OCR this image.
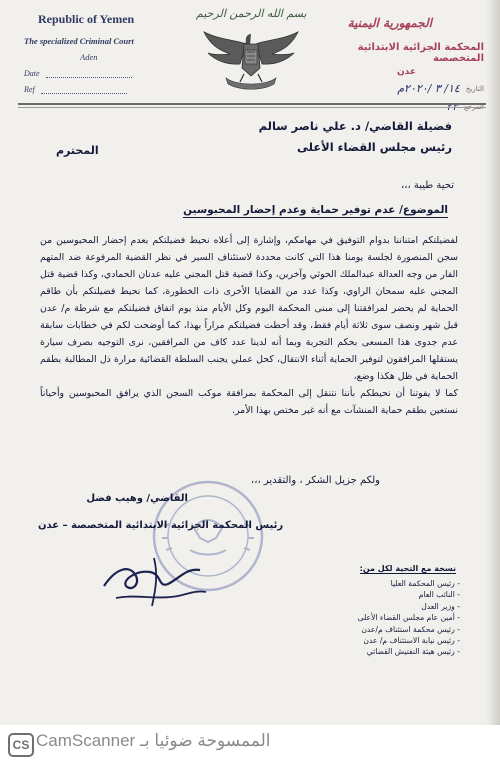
Republic of Yemen
The specialized Criminal Court
Aden
Date
Ref
بسم الله الرحمن الرحيم
الجمهورية اليمنية
المحكمة الجزائية الابتدائية المتخصصة
عدن
التاريخ
١٤/ ٣ /٢٠٢٠م
المرجع
٢٣
فضيلة القاضي/ د. علي ناصر سالم
رئيس مجلس القضاء الأعلى
المحترم
تحية طيبة ،،،
الموضوع/ عدم توفير حماية وعدم إحضار المحبوسين

لفضيلتكم امتناننا بدوام التوفيق في مهامكم، وإشارة إلى أعلاه نحيط فضيلتكم بعدم إحضار المحبوسين من سجن المنصورة لجلسة يومنا هذا التي كانت محددة لاستئناف السير في نظر القضية المرفوعة ضد المتهم الفار من وجه العدالة عبدالملك الحوثي وآخرين، وكذا قضية قتل المجني عليه عدنان الحمادي، وكذا قضية قتل المجني عليه سمحان الراوي، وكذا عدد من القضايا الأخرى ذات الخطورة، كما نحيط فضيلتكم بأن طاقم الحماية لم يحضر لمرافقتنا إلى مبنى المحكمة اليوم وكل الأيام منذ يوم اتفاق فضيلتكم مع شرطة م/ عدن قبل شهر ونصف سوى ثلاثة أيام فقط، وقد أحطت فضيلتكم مراراً بهذا، كما أوضحت لكم في خطابات سابقة عدم جدوى هذا المسعى بحكم التجربة وبما أنه لدينا عدد كاف من المرافقين، نرى التوجيه بصرف سيارة يستقلها المرافقون لتوفير الحماية أثناء الانتقال، كحل عملي يجنب السلطة القضائية مرارة ذل المطالبة بطقم الحماية في ظل هكذا وضع،

كما لا يفوتنا أن نحيطكم بأننا نتنقل إلى المحكمة بمرافقة موكب السجن الذي يرافق المحبوسين وأحياناً نستعين بطقم حماية المنشآت مع أنه غير مختص بهذا الأمر.

ولكم جزيل الشكر ، والتقدير ،،،
القاضي/ وهيب فضل
رئيس المحكمة الجزائية الابتدائية المتخصصة – عدن
نسخة مع التحية لكل من:
- رئيس المحكمة العليا
- النائب العام
- وزير العدل
- أمين عام مجلس القضاء الأعلى
- رئيس محكمة استئناف م/عدن
- رئيس نيابة الاستئناف م/ عدن
- رئيس هيئة التفتيش القضائي
CS	الممسوحة ضوئيا بـ CamScanner
